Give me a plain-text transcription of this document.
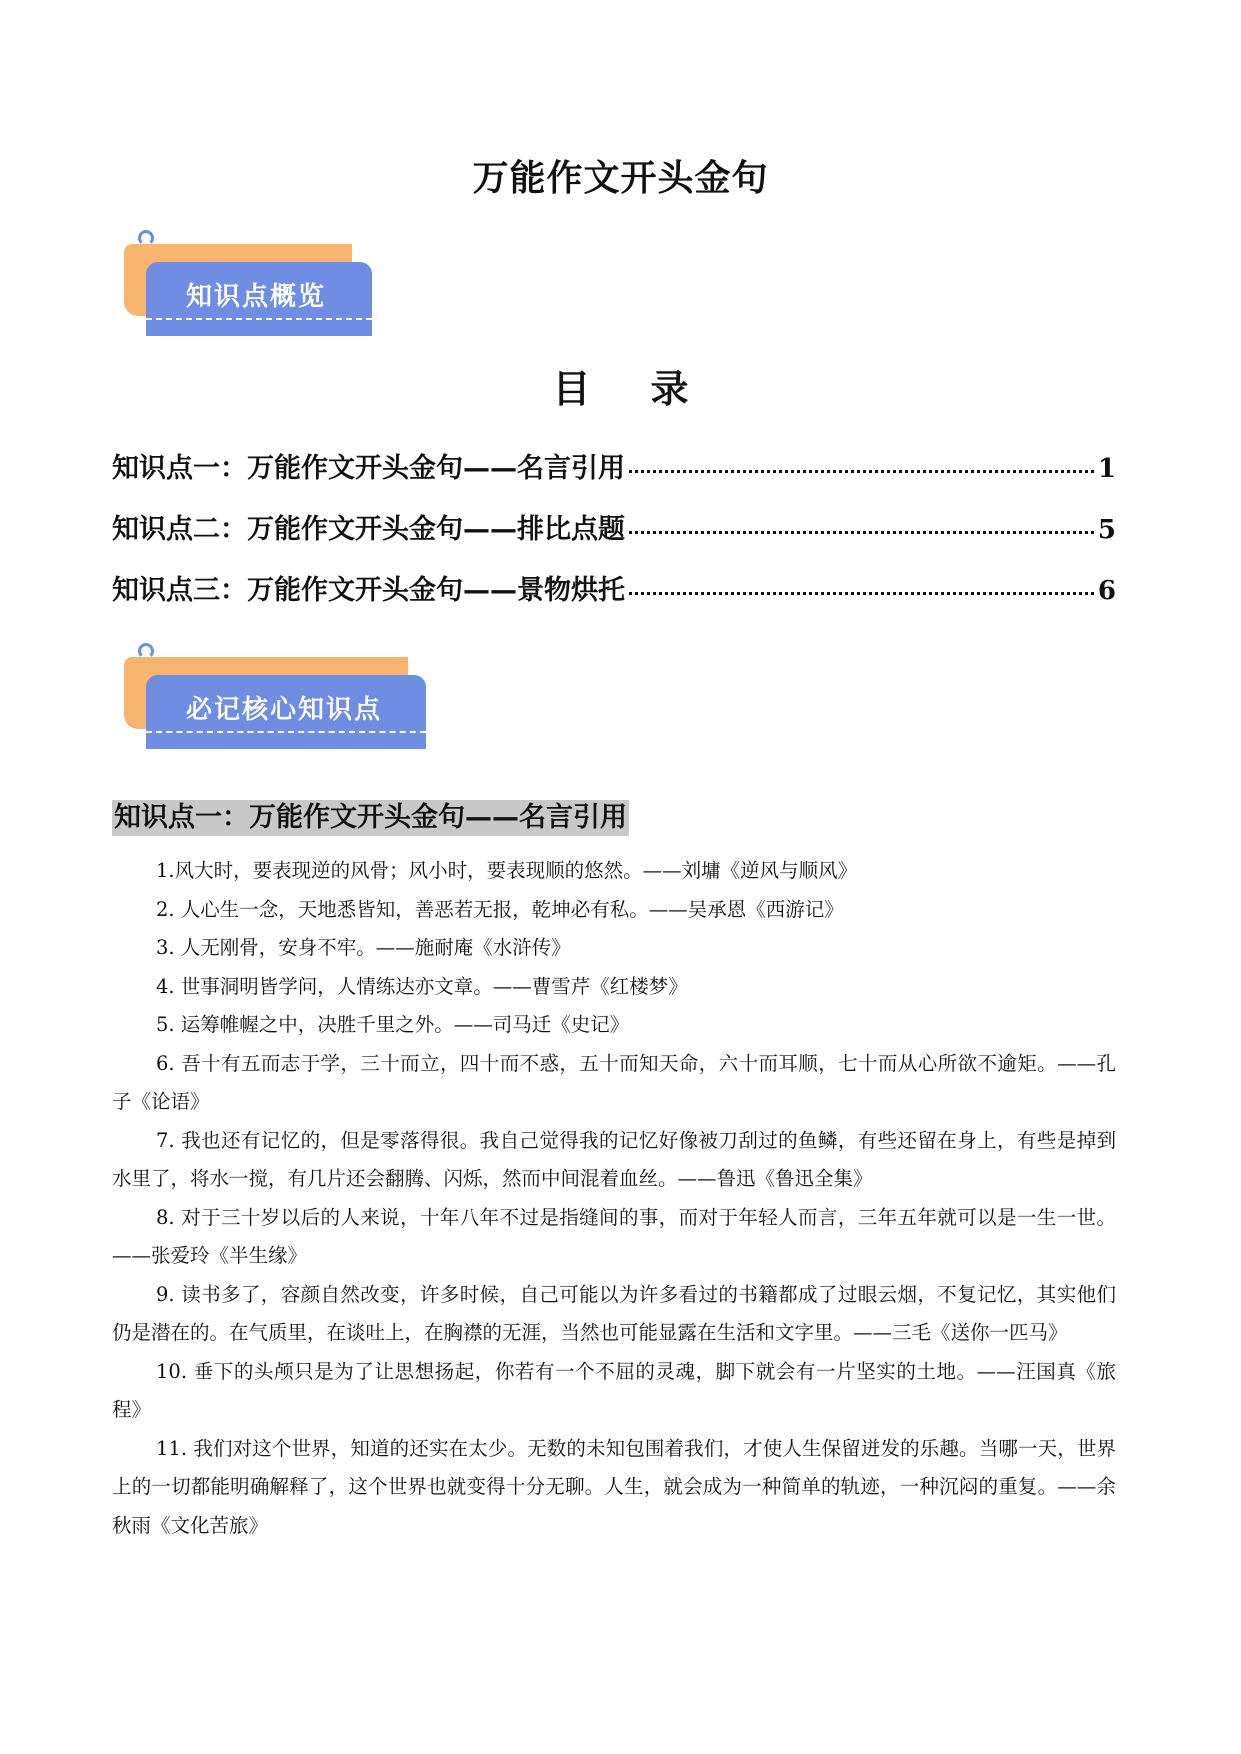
万能作文开头金句
知识点概览
目 录
知识点一：万能作文开头金句——名言引用	1
知识点二：万能作文开头金句——排比点题	5
知识点三：万能作文开头金句——景物烘托	6
必记核心知识点
知识点一：万能作文开头金句——名言引用

1.风大时，要表现逆的风骨；风小时，要表现顺的悠然。——刘墉《逆风与顺风》

2. 人心生一念，天地悉皆知，善恶若无报，乾坤必有私。——吴承恩《西游记》

3. 人无刚骨，安身不牢。——施耐庵《水浒传》

4. 世事洞明皆学问，人情练达亦文章。——曹雪芹《红楼梦》

5. 运筹帷幄之中，决胜千里之外。——司马迁《史记》

6. 吾十有五而志于学，三十而立，四十而不惑，五十而知天命，六十而耳顺，七十而从心所欲不逾矩。——孔子《论语》

7. 我也还有记忆的，但是零落得很。我自己觉得我的记忆好像被刀刮过的鱼鳞，有些还留在身上，有些是掉到水里了，将水一搅，有几片还会翻腾、闪烁，然而中间混着血丝。——鲁迅《鲁迅全集》

8. 对于三十岁以后的人来说，十年八年不过是指缝间的事，而对于年轻人而言，三年五年就可以是一生一世。——张爱玲《半生缘》

9. 读书多了，容颜自然改变，许多时候，自己可能以为许多看过的书籍都成了过眼云烟，不复记忆，其实他们仍是潜在的。在气质里，在谈吐上，在胸襟的无涯，当然也可能显露在生活和文字里。——三毛《送你一匹马》

10. 垂下的头颅只是为了让思想扬起，你若有一个不屈的灵魂，脚下就会有一片坚实的土地。——汪国真《旅程》

11. 我们对这个世界，知道的还实在太少。无数的未知包围着我们，才使人生保留迸发的乐趣。当哪一天，世界上的一切都能明确解释了，这个世界也就变得十分无聊。人生，就会成为一种简单的轨迹，一种沉闷的重复。——余秋雨《文化苦旅》
